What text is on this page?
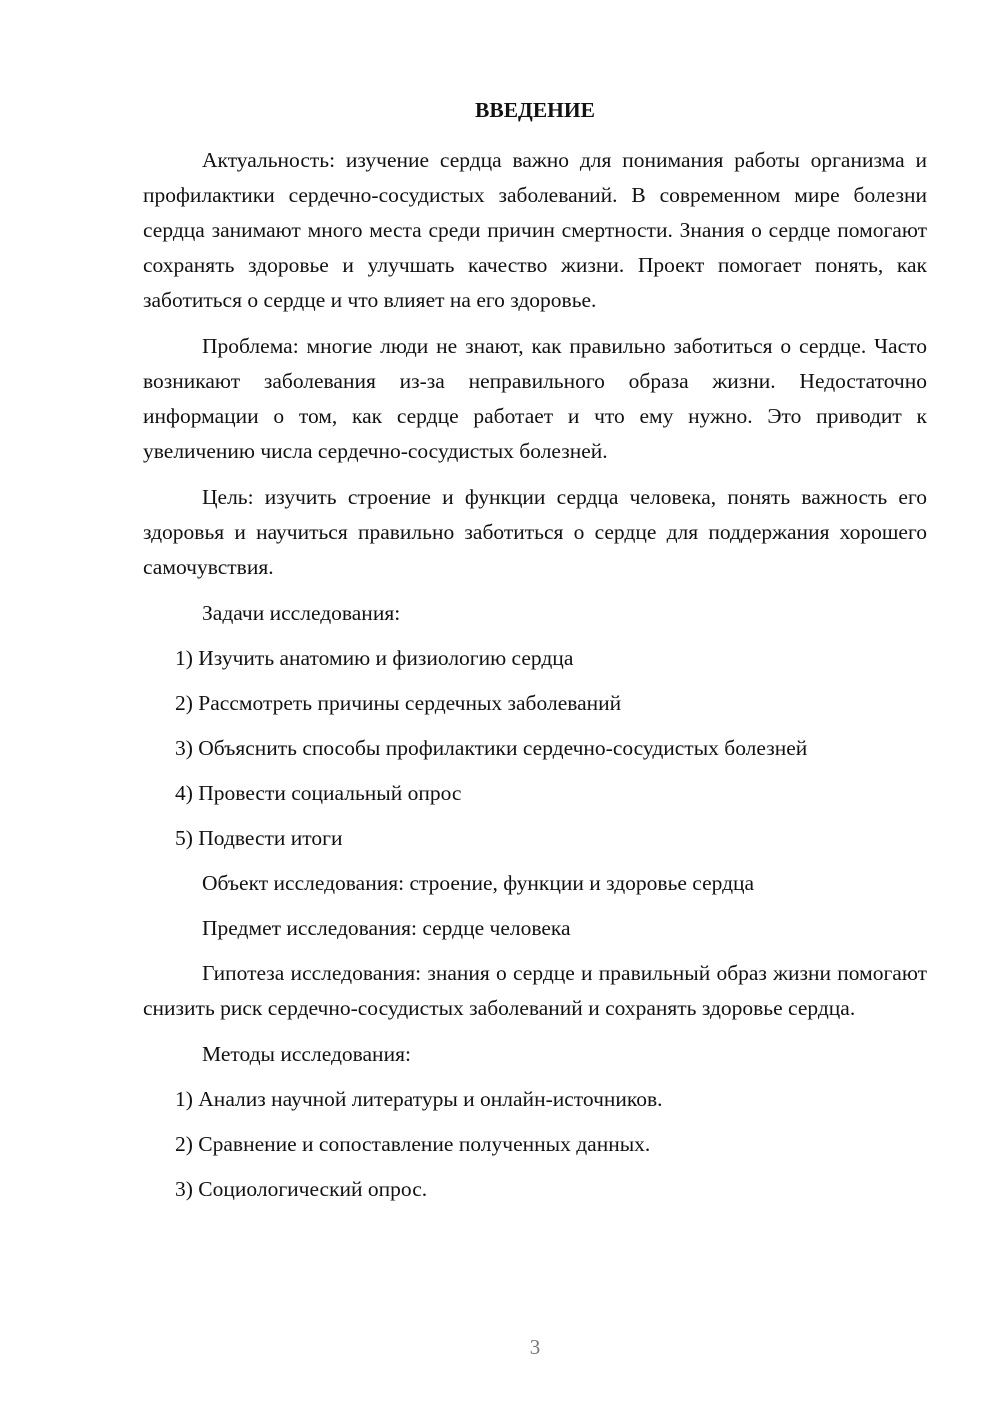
ВВЕДЕНИЕ

Актуальность: изучение сердца важно для понимания работы организма и профилактики сердечно-сосудистых заболеваний. В современном мире болезни сердца занимают много места среди причин смертности. Знания о сердце помогают сохранять здоровье и улучшать качество жизни. Проект помогает понять, как заботиться о сердце и что влияет на его здоровье.

Проблема: многие люди не знают, как правильно заботиться о сердце. Часто возникают заболевания из-за неправильного образа жизни. Недостаточно информации о том, как сердце работает и что ему нужно. Это приводит к увеличению числа сердечно-сосудистых болезней.

Цель: изучить строение и функции сердца человека, понять важность его здоровья и научиться правильно заботиться о сердце для поддержания хорошего самочувствия.

Задачи исследования:

1) Изучить анатомию и физиологию сердца
2) Рассмотреть причины сердечных заболеваний
3) Объяснить способы профилактики сердечно-сосудистых болезней
4) Провести социальный опрос
5) Подвести итоги

Объект исследования: строение, функции и здоровье сердца

Предмет исследования: сердце человека

Гипотеза исследования: знания о сердце и правильный образ жизни помогают снизить риск сердечно-сосудистых заболеваний и сохранять здоровье сердца.

Методы исследования:

1) Анализ научной литературы и онлайн-источников.
2) Сравнение и сопоставление полученных данных.
3) Социологический опрос.
3
